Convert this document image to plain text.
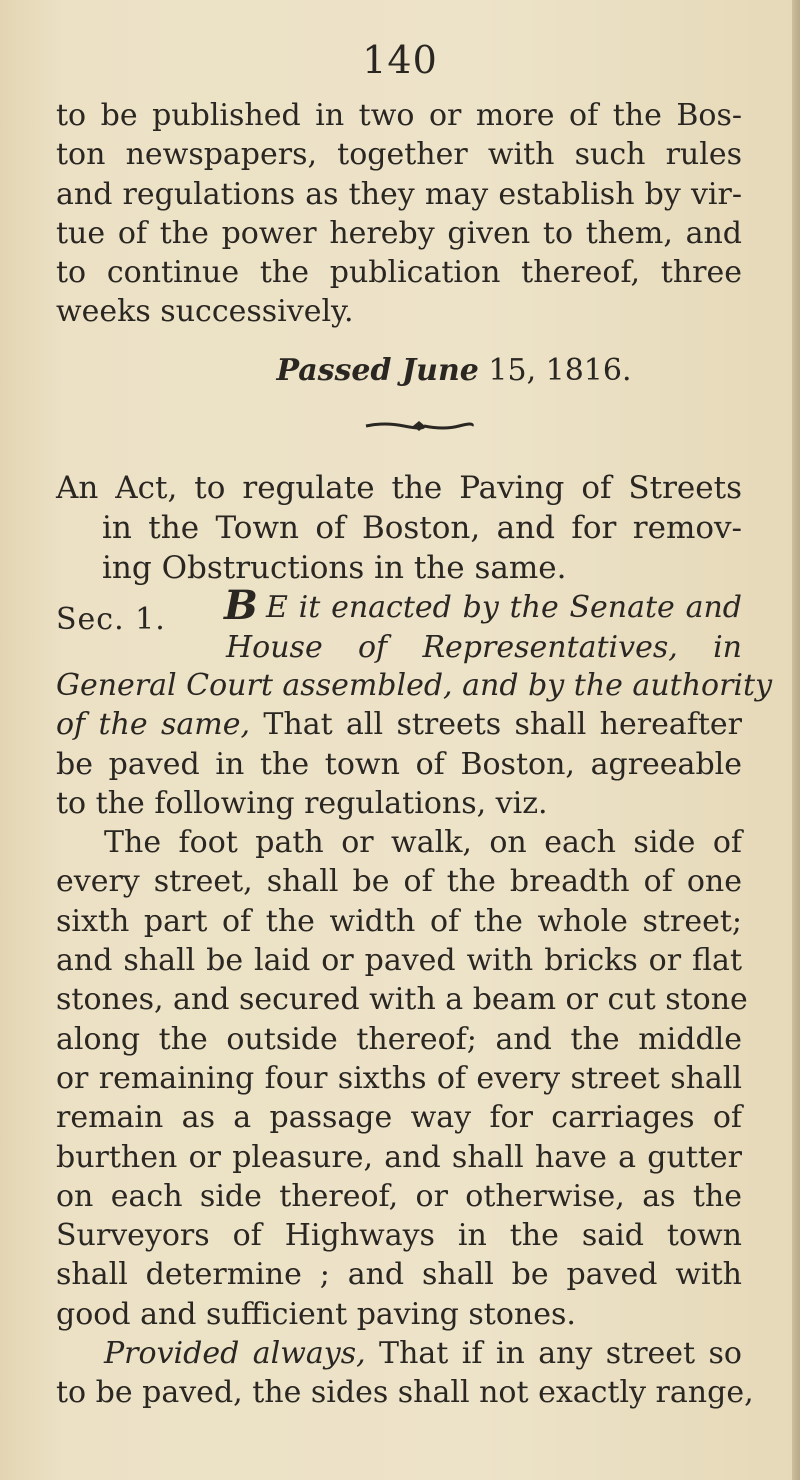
140
to be published in two or more of the Bos-
ton newspapers, together with such rules
and regulations as they may establish by vir-
tue of the power hereby given to them, and
to continue the publication thereof, three
weeks successively.
Passed June 15, 1816.
An Act, to regulate the Paving of Streets
in the Town of Boston, and for remov-
ing Obstructions in the same.
Sec. 1. B E it enacted by the Senate and
House of Representatives, in
General Court assembled, and by the authority
of the same, That all streets shall hereafter
be paved in the town of Boston, agreeable
to the following regulations, viz.
The foot path or walk, on each side of
every street, shall be of the breadth of one
sixth part of the width of the whole street;
and shall be laid or paved with bricks or flat
stones, and secured with a beam or cut stone
along the outside thereof; and the middle
or remaining four sixths of every street shall
remain as a passage way for carriages of
burthen or pleasure, and shall have a gutter
on each side thereof, or otherwise, as the
Surveyors of Highways in the said town
shall determine ; and shall be paved with
good and sufficient paving stones.
Provided always, That if in any street so
to be paved, the sides shall not exactly range,
